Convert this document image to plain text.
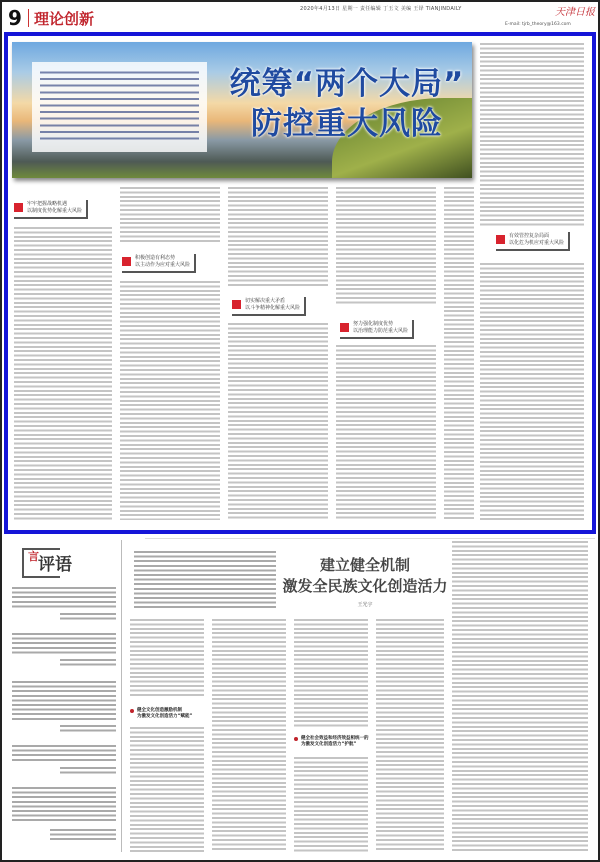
9 理论创新
2020年4月13日 星期一 责任编辑 丁玉文 美编 王铎 TIANJINDAILY	天津日报
E-mail: tjrb_theory@163.com
统筹“两个大局”
防控重大风险
牢牢把握战略机遇
以制度优势化解重大风险
积极创造有利态势
以主动作为应对重大风险
切实解决重大矛盾
以斗争精神化解重大风险
努力强化制度优势
以治理能力防范重大风险
有效管控复杂局面
以化危为机应对重大风险
言 评语	建立健全机制
激发全民族文化创造活力
王光宇
健全文化创造激励机制
为激发文化创造活力“赋能”
健全社会效益和经济效益相统一的
为激发文化创造活力“护航”
